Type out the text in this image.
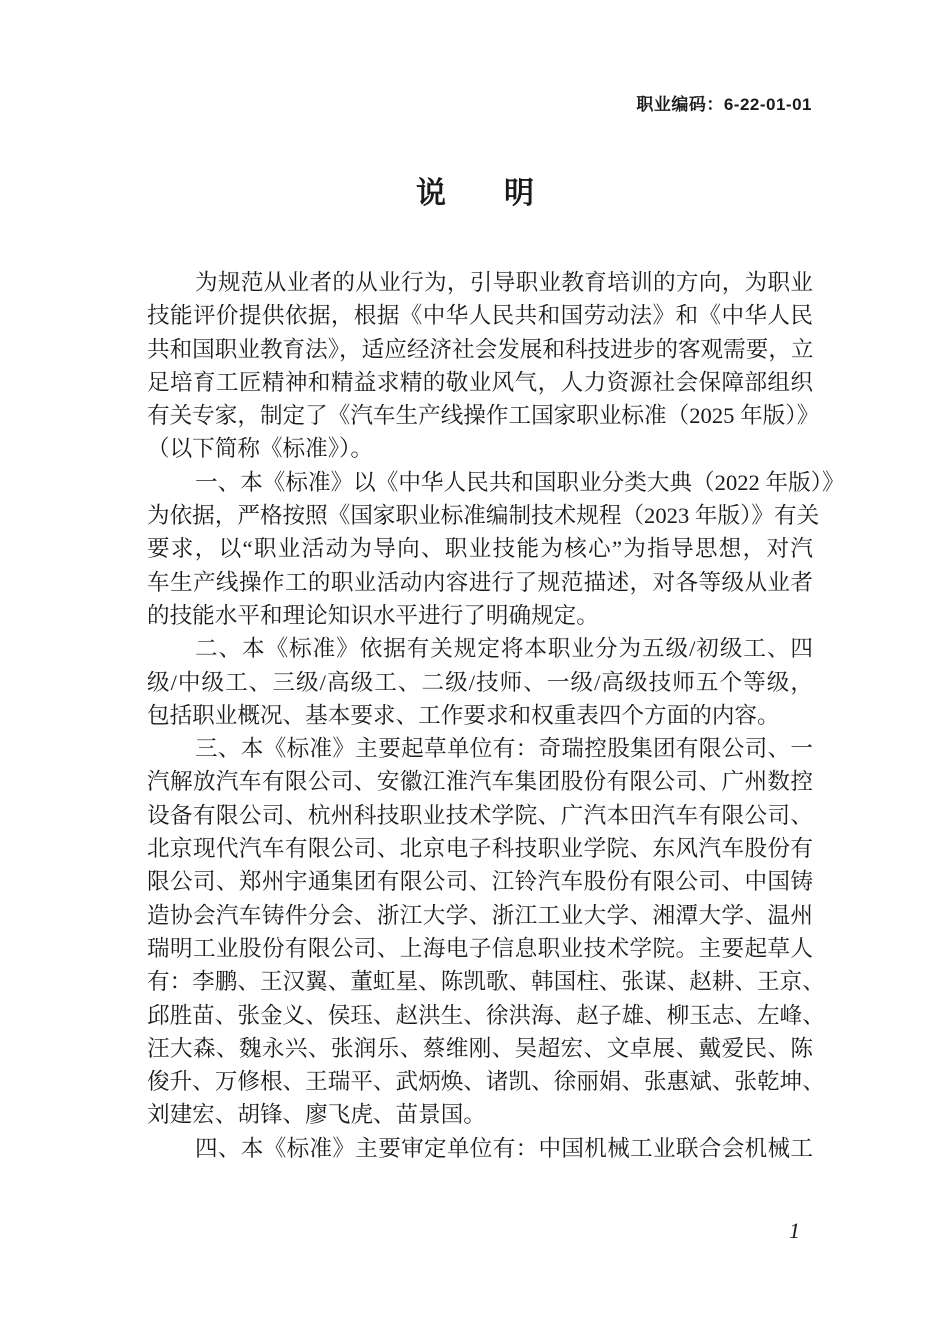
职业编码：6-22-01-01
说明
为规范从业者的从业行为，引导职业教育培训的方向，为职业
技能评价提供依据，根据《中华人民共和国劳动法》和《中华人民
共和国职业教育法》，适应经济社会发展和科技进步的客观需要，立
足培育工匠精神和精益求精的敬业风气，人力资源社会保障部组织
有关专家，制定了《汽车生产线操作工国家职业标准（2025 年版）》
（以下简称《标准》）。
一、本《标准》以《中华人民共和国职业分类大典（2022 年版）》
为依据，严格按照《国家职业标准编制技术规程（2023 年版）》有关
要求，以“职业活动为导向、职业技能为核心”为指导思想，对汽
车生产线操作工的职业活动内容进行了规范描述，对各等级从业者
的技能水平和理论知识水平进行了明确规定。
二、本《标准》依据有关规定将本职业分为五级/初级工、四
级/中级工、三级/高级工、二级/技师、一级/高级技师五个等级，
包括职业概况、基本要求、工作要求和权重表四个方面的内容。
三、本《标准》主要起草单位有：奇瑞控股集团有限公司、一
汽解放汽车有限公司、安徽江淮汽车集团股份有限公司、广州数控
设备有限公司、杭州科技职业技术学院、广汽本田汽车有限公司、
北京现代汽车有限公司、北京电子科技职业学院、东风汽车股份有
限公司、郑州宇通集团有限公司、江铃汽车股份有限公司、中国铸
造协会汽车铸件分会、浙江大学、浙江工业大学、湘潭大学、温州
瑞明工业股份有限公司、上海电子信息职业技术学院。主要起草人
有：李鹏、王汉翼、董虹星、陈凯歌、韩国柱、张谋、赵耕、王京、
邱胜苗、张金义、侯珏、赵洪生、徐洪海、赵子雄、柳玉志、左峰、
汪大森、魏永兴、张润乐、蔡维刚、吴超宏、文卓展、戴爱民、陈
俊升、万修根、王瑞平、武炳焕、诸凯、徐丽娟、张惠斌、张乾坤、
刘建宏、胡锋、廖飞虎、苗景国。
四、本《标准》主要审定单位有：中国机械工业联合会机械工
1
